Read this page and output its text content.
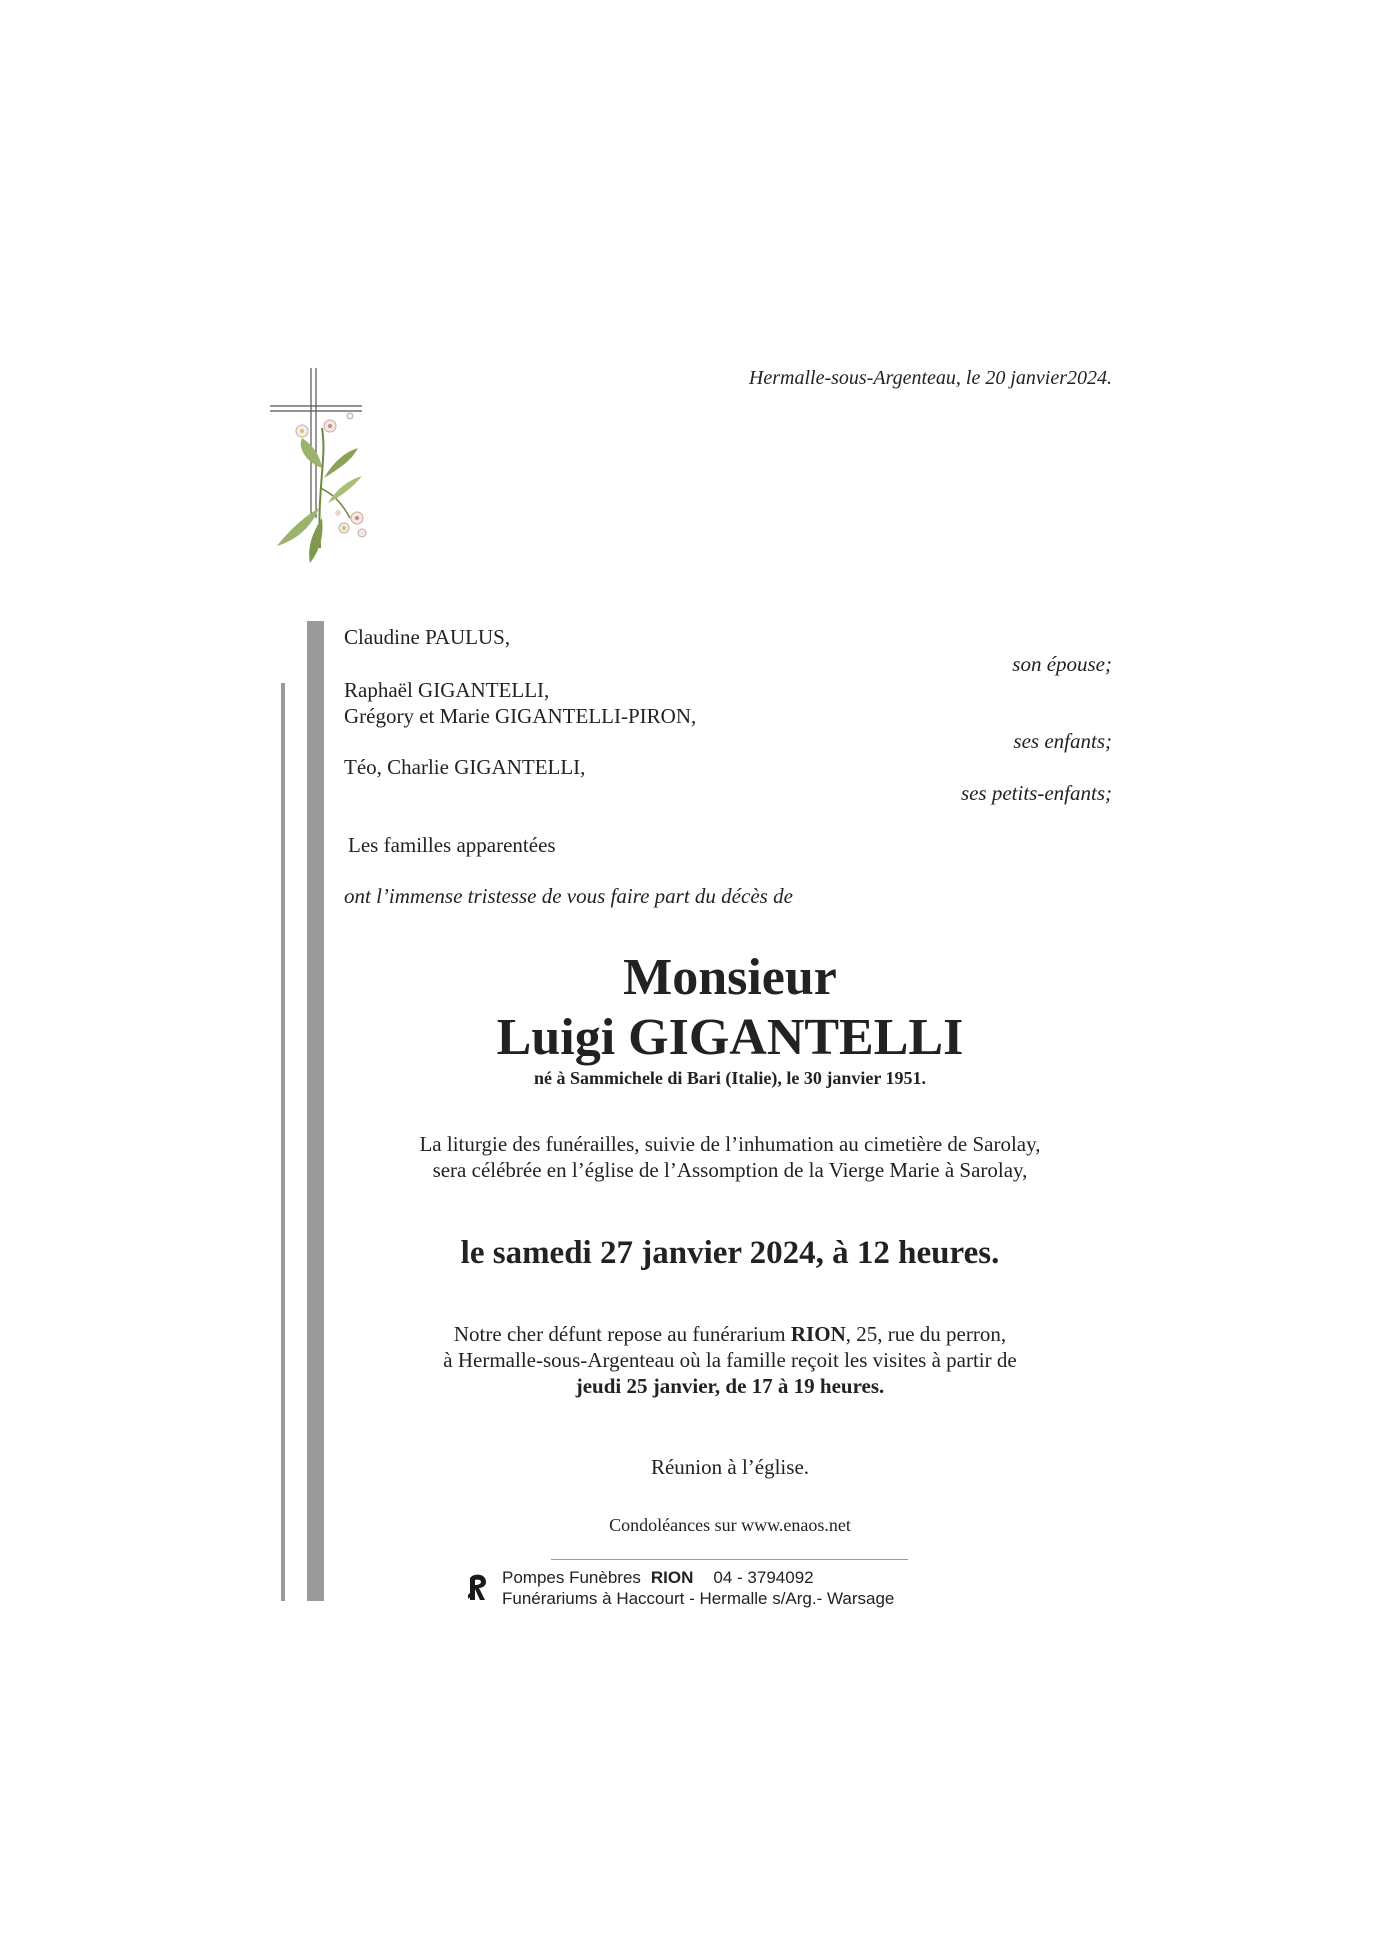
Hermalle-sous-Argenteau, le 20 janvier2024.
Claudine PAULUS,
son épouse;
Raphaël GIGANTELLI,
Grégory et Marie GIGANTELLI-PIRON,
ses enfants;
Téo, Charlie GIGANTELLI,
ses petits-enfants;
Les familles apparentées
ont l’immense tristesse de vous faire part du décès de
Monsieur
Luigi GIGANTELLI
né à Sammichele di Bari (Italie), le 30 janvier 1951.
La liturgie des funérailles, suivie de l’inhumation au cimetière de Sarolay,
sera célébrée en l’église de l’Assomption de la Vierge Marie à Sarolay,
le samedi 27 janvier 2024, à 12 heures.
Notre cher défunt repose au funérarium RION, 25, rue du perron,
à Hermalle-sous-Argenteau où la famille reçoit les visites à partir de
jeudi 25 janvier, de 17 à 19 heures.
Réunion à l’église.
Condoléances sur www.enaos.net
Pompes Funèbres RION 04 - 3794092
Funérariums à Haccourt - Hermalle s/Arg.- Warsage
